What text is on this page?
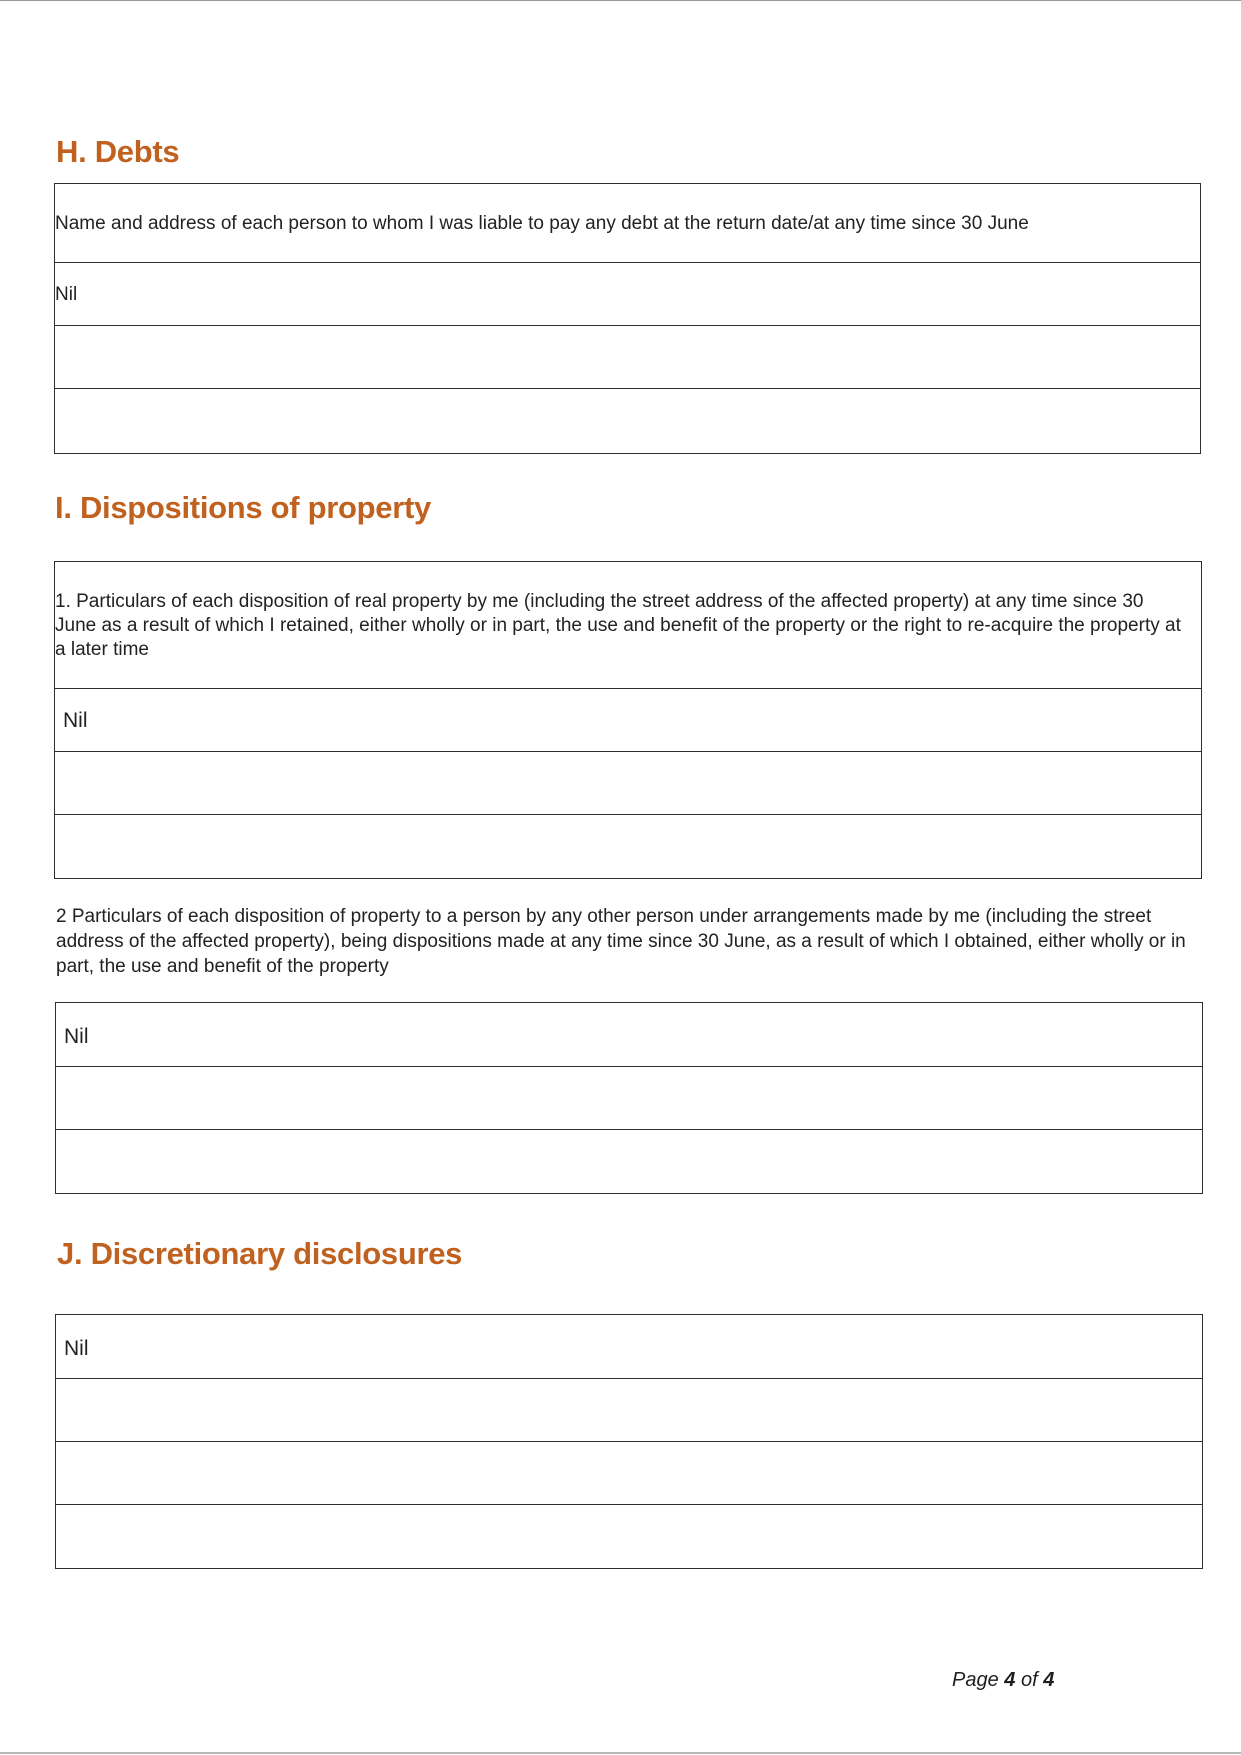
H. Debts
Name and address of each person to whom I was liable to pay any debt at the return date/at any time since 30 June
Nil
I. Dispositions of property
1. Particulars of each disposition of real property by me (including the street address of the affected property) at any time since 30 June as a result of which I retained, either wholly or in part, the use and benefit of the property or the right to re-acquire the property at a later time
Nil

2 Particulars of each disposition of property to a person by any other person under arrangements made by me (including the street address of the affected property), being dispositions made at any time since 30 June, as a result of which I obtained, either wholly or in part, the use and benefit of the property

Nil
J. Discretionary disclosures
Nil
Page 4 of 4
